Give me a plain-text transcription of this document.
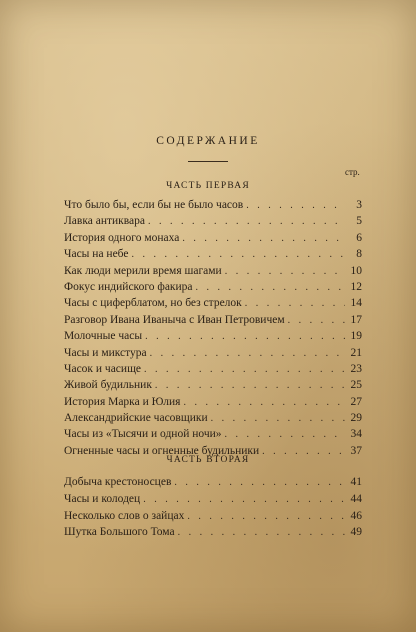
СОДЕРЖАНИЕ
стр.
ЧАСТЬ ПЕРВАЯ
Что было бы, если бы не было часов . . .	3
Лавка антиквара . . .	5
История одного монаха . . .	6
Часы на небе . . .	8
Как люди мерили время шагами . . .	10
Фокус индийского факира . . .	12
Часы с циферблатом, но без стрелок . . .	14
Разговор Ивана Иваныча с Иван Петровичем . . .	17
Молочные часы . . .	19
Часы и микстура . . .	21
Часок и часище . . .	23
Живой будильник . . .	25
История Марка и Юлия . . .	27
Александрийские часовщики . . .	29
Часы из «Тысячи и одной ночи» . . .	34
Огненные часы и огненные будильники . . .	37
ЧАСТЬ ВТОРАЯ
Добыча крестоносцев . . .	41
Часы и колодец . . .	44
Несколько слов о зайцах . . .	46
Шутка Большого Тома . . .	49
